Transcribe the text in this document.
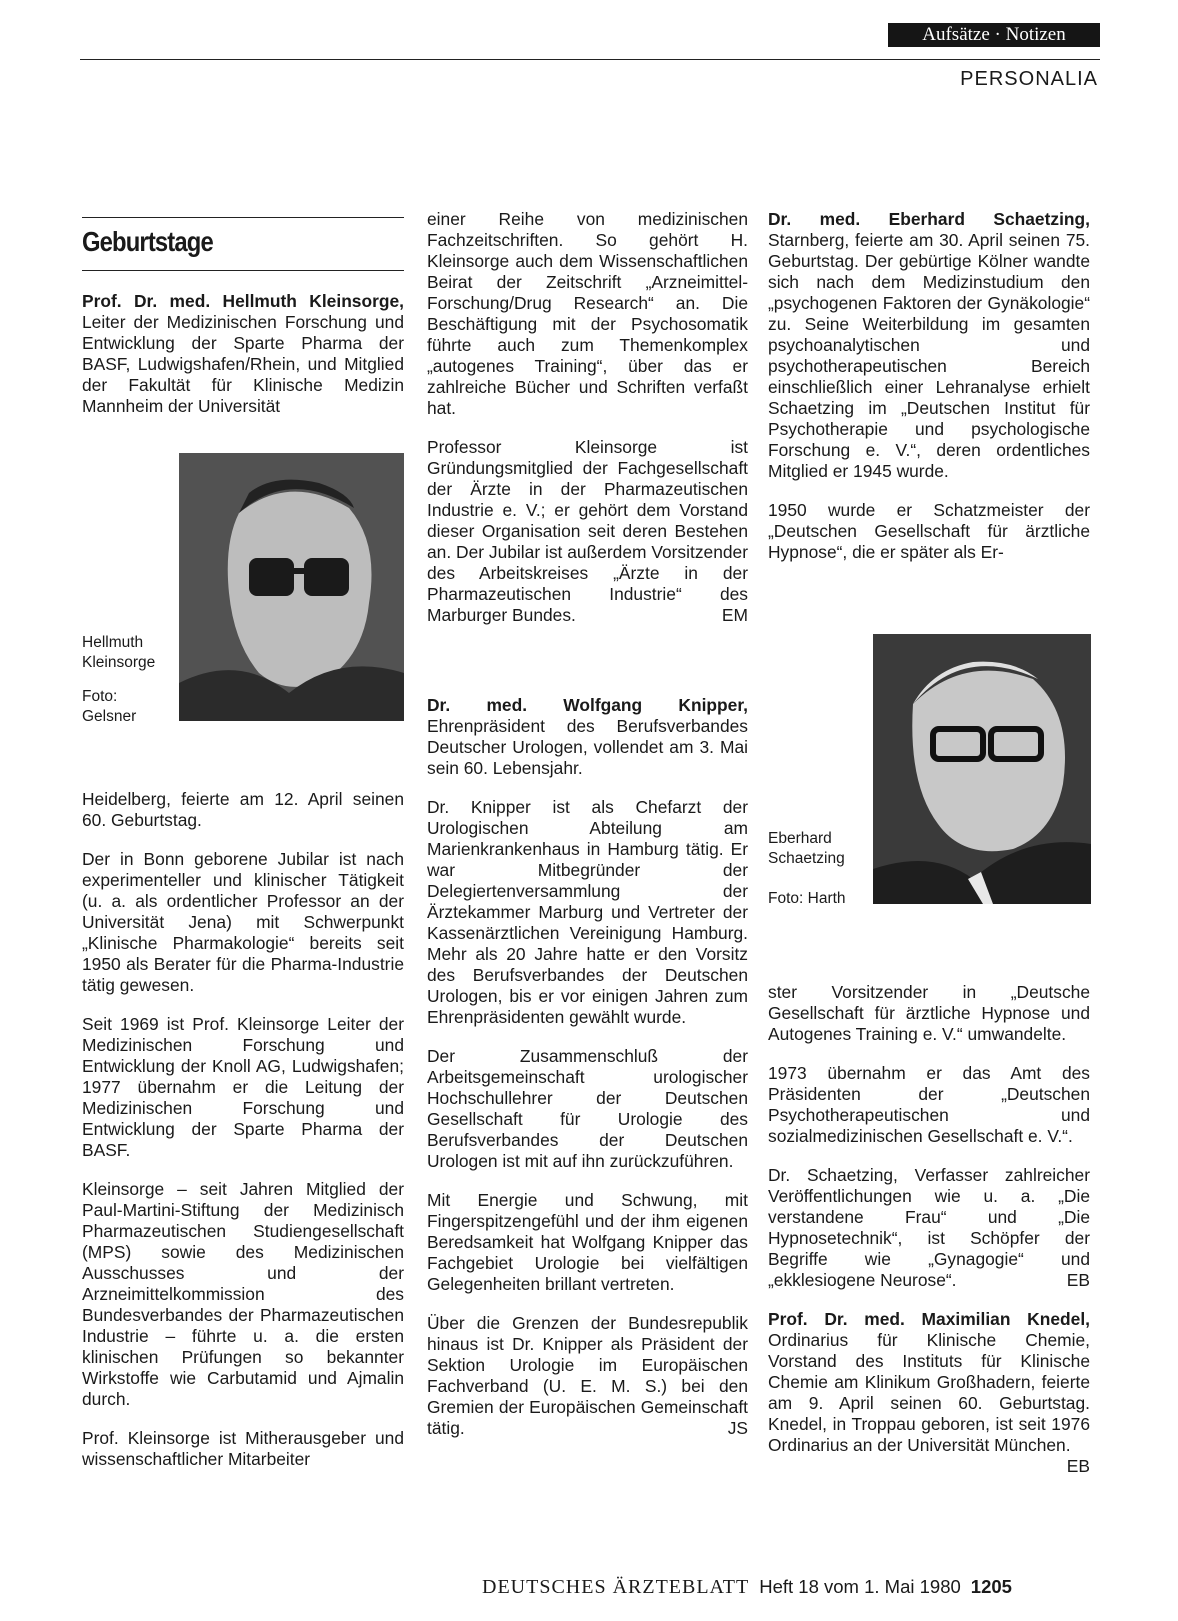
Aufsätze · Notizen
PERSONALIA
Geburtstage

Prof. Dr. med. Hellmuth Kleinsorge, Leiter der Medizinischen Forschung und Entwicklung der Sparte Pharma der BASF, Ludwigshafen/Rhein, und Mitglied der Fakultät für Klinische Medizin Mannheim der Universität

Hellmuth Kleinsorge
Foto: Gelsner

Heidelberg, feierte am 12. April seinen 60. Geburtstag.

Der in Bonn geborene Jubilar ist nach experimenteller und klinischer Tätigkeit (u. a. als ordentlicher Professor an der Universität Jena) mit Schwerpunkt „Klinische Pharmakologie“ bereits seit 1950 als Berater für die Pharma-Industrie tätig gewesen.

Seit 1969 ist Prof. Kleinsorge Leiter der Medizinischen Forschung und Entwicklung der Knoll AG, Ludwigshafen; 1977 übernahm er die Leitung der Medizinischen Forschung und Entwicklung der Sparte Pharma der BASF.

Kleinsorge – seit Jahren Mitglied der Paul-Martini-Stiftung der Medizinisch Pharmazeutischen Studiengesellschaft (MPS) sowie des Medizinischen Ausschusses und der Arzneimittelkommission des Bundesverbandes der Pharmazeutischen Industrie – führte u. a. die ersten klinischen Prüfungen so bekannter Wirkstoffe wie Carbutamid und Ajmalin durch.

Prof. Kleinsorge ist Mitherausgeber und wissenschaftlicher Mitarbeiter

einer Reihe von medizinischen Fachzeitschriften. So gehört H. Kleinsorge auch dem Wissenschaftlichen Beirat der Zeitschrift „Arzneimittel-Forschung/Drug Research“ an. Die Beschäftigung mit der Psychosomatik führte auch zum Themenkomplex „autogenes Training“, über das er zahlreiche Bücher und Schriften verfaßt hat.

Professor Kleinsorge ist Gründungsmitglied der Fachgesellschaft der Ärzte in der Pharmazeutischen Industrie e. V.; er gehört dem Vorstand dieser Organisation seit deren Bestehen an. Der Jubilar ist außerdem Vorsitzender des Arbeitskreises „Ärzte in der Pharmazeutischen Industrie“ des Marburger Bundes.	EM

Dr. med. Wolfgang Knipper, Ehrenpräsident des Berufsverbandes Deutscher Urologen, vollendet am 3. Mai sein 60. Lebensjahr.

Dr. Knipper ist als Chefarzt der Urologischen Abteilung am Marienkrankenhaus in Hamburg tätig. Er war Mitbegründer der Delegiertenversammlung der Ärztekammer Marburg und Vertreter der Kassenärztlichen Vereinigung Hamburg. Mehr als 20 Jahre hatte er den Vorsitz des Berufsverbandes der Deutschen Urologen, bis er vor einigen Jahren zum Ehrenpräsidenten gewählt wurde.

Der Zusammenschluß der Arbeitsgemeinschaft urologischer Hochschullehrer der Deutschen Gesellschaft für Urologie des Berufsverbandes der Deutschen Urologen ist mit auf ihn zurückzuführen.

Mit Energie und Schwung, mit Fingerspitzengefühl und der ihm eigenen Beredsamkeit hat Wolfgang Knipper das Fachgebiet Urologie bei vielfältigen Gelegenheiten brillant vertreten.

Über die Grenzen der Bundesrepublik hinaus ist Dr. Knipper als Präsident der Sektion Urologie im Europäischen Fachverband (U. E. M. S.) bei den Gremien der Europäischen Gemeinschaft tätig.	JS

Dr. med. Eberhard Schaetzing, Starnberg, feierte am 30. April seinen 75. Geburtstag. Der gebürtige Kölner wandte sich nach dem Medizinstudium den „psychogenen Faktoren der Gynäkologie“ zu. Seine Weiterbildung im gesamten psychoanalytischen und psychotherapeutischen Bereich einschließlich einer Lehranalyse erhielt Schaetzing im „Deutschen Institut für Psychotherapie und psychologische Forschung e. V.“, deren ordentliches Mitglied er 1945 wurde.

1950 wurde er Schatzmeister der „Deutschen Gesellschaft für ärztliche Hypnose“, die er später als Er-

Eberhard Schaetzing
Foto: Harth

ster Vorsitzender in „Deutsche Gesellschaft für ärztliche Hypnose und Autogenes Training e. V.“ umwandelte.

1973 übernahm er das Amt des Präsidenten der „Deutschen Psychotherapeutischen und sozialmedizinischen Gesellschaft e. V.“.

Dr. Schaetzing, Verfasser zahlreicher Veröffentlichungen wie u. a. „Die verstandene Frau“ und „Die Hypnosetechnik“, ist Schöpfer der Begriffe wie „Gynagogie“ und „ekklesiogene Neurose“.	EB

Prof. Dr. med. Maximilian Knedel, Ordinarius für Klinische Chemie, Vorstand des Instituts für Klinische Chemie am Klinikum Großhadern, feierte am 9. April seinen 60. Geburtstag. Knedel, in Troppau geboren, ist seit 1976 Ordinarius an der Universität München.
EB

DEUTSCHES ÄRZTEBLATT Heft 18 vom 1. Mai 1980 1205
